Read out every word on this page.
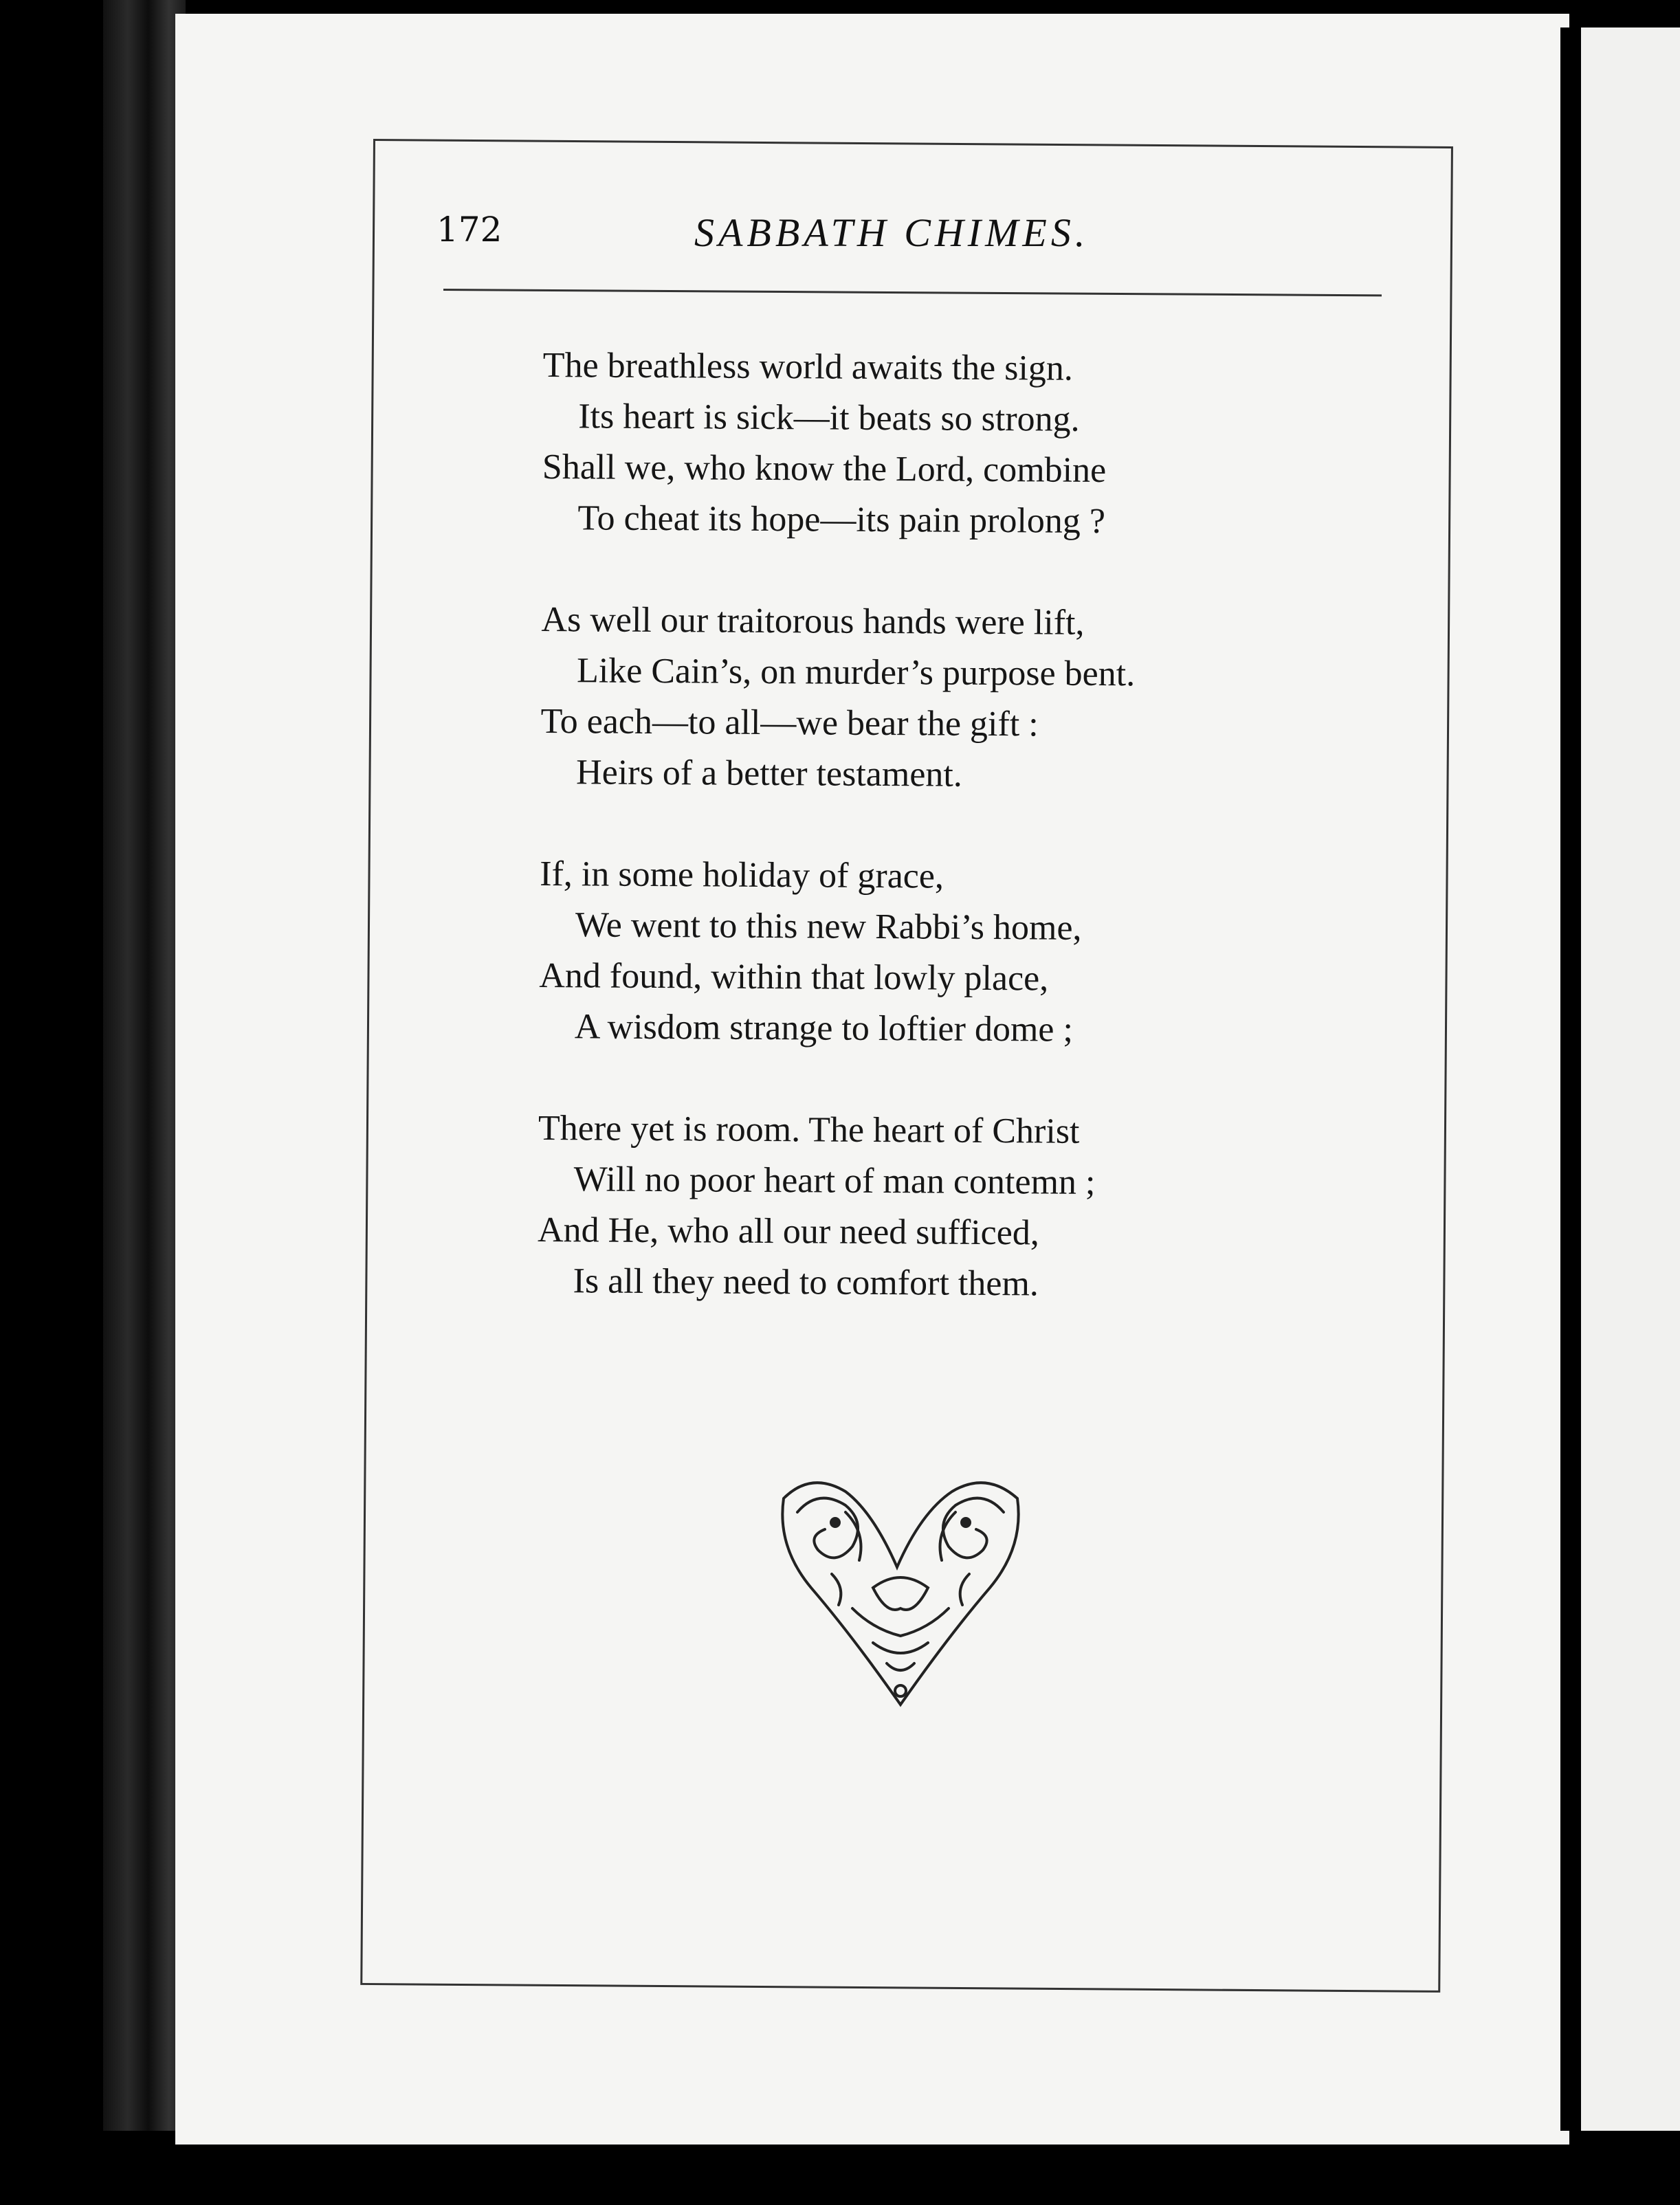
172	SABBATH CHIMES.
The breathless world awaits the sign.
Its heart is sick—it beats so strong.
Shall we, who know the Lord, combine
To cheat its hope—its pain prolong ?
As well our traitorous hands were lift,
Like Cain’s, on murder’s purpose bent.
To each—to all—we bear the gift :
Heirs of a better testament.
If, in some holiday of grace,
We went to this new Rabbi’s home,
And found, within that lowly place,
A wisdom strange to loftier dome ;
There yet is room. The heart of Christ
Will no poor heart of man contemn ;
And He, who all our need sufficed,
Is all they need to comfort them.
